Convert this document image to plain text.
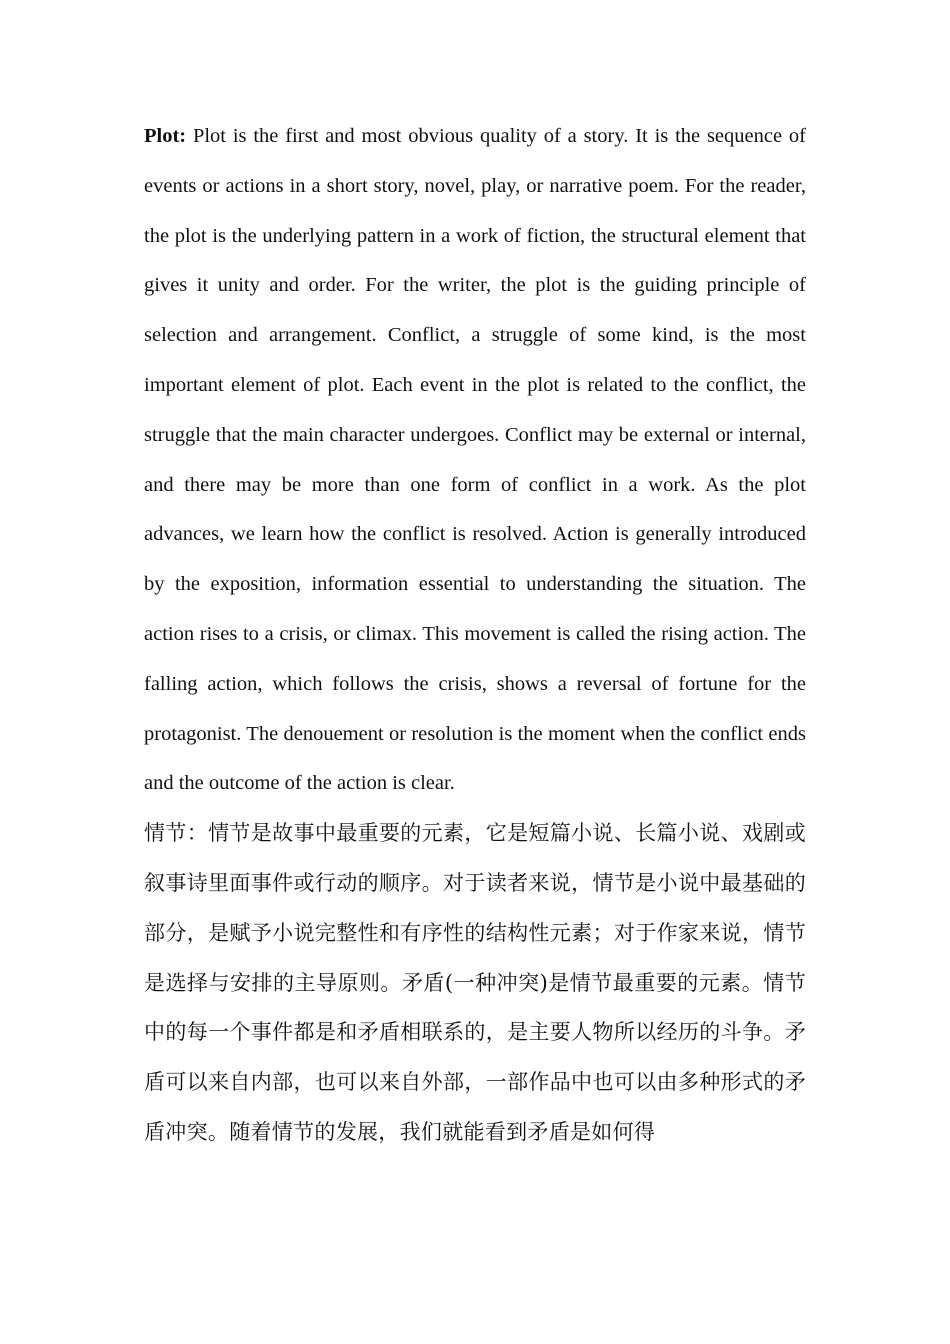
Plot: Plot is the first and most obvious quality of a story. It is the sequence of events or actions in a short story, novel, play, or narrative poem. For the reader, the plot is the underlying pattern in a work of fiction, the structural element that gives it unity and order. For the writer, the plot is the guiding principle of selection and arrangement. Conflict, a struggle of some kind, is the most important element of plot. Each event in the plot is related to the conflict, the struggle that the main character undergoes. Conflict may be external or internal, and there may be more than one form of conflict in a work. As the plot advances, we learn how the conflict is resolved. Action is generally introduced by the exposition, information essential to understanding the situation. The action rises to a crisis, or climax. This movement is called the rising action. The falling action, which follows the crisis, shows a reversal of fortune for the protagonist. The denouement or resolution is the moment when the conflict ends and the outcome of the action is clear.

情节：情节是故事中最重要的元素，它是短篇小说、长篇小说、戏剧或叙事诗里面事件或行动的顺序。对于读者来说，情节是小说中最基础的部分，是赋予小说完整性和有序性的结构性元素；对于作家来说，情节是选择与安排的主导原则。矛盾(一种冲突)是情节最重要的元素。情节中的每一个事件都是和矛盾相联系的，是主要人物所以经历的斗争。矛盾可以来自内部，也可以来自外部，一部作品中也可以由多种形式的矛盾冲突。随着情节的发展，我们就能看到矛盾是如何得
